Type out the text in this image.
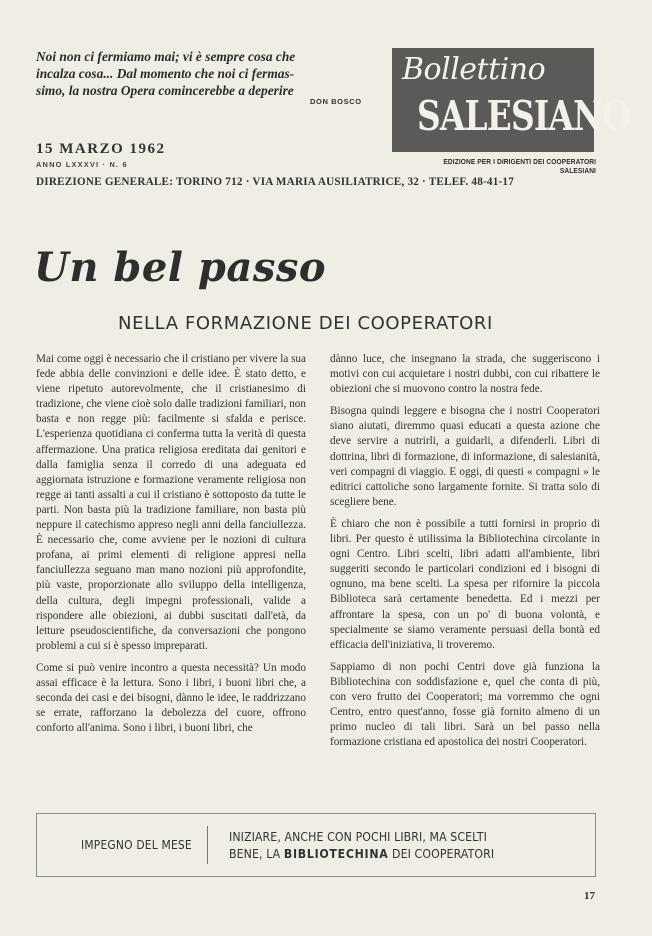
Noi non ci fermiamo mai; vi è sempre cosa che
incalza cosa... Dal momento che noi ci fermas-
simo, la nostra Opera comincerebbe a deperire
DON BOSCO
Bollettino
SALESIANO
EDIZIONE PER I DIRIGENTI DEI COOPERATORI SALESIANI
15 MARZO 1962
ANNO LXXXVI · N. 6
DIREZIONE GENERALE: TORINO 712 · VIA MARIA AUSILIATRICE, 32 · TELEF. 48-41-17
Un bel passo
NELLA FORMAZIONE DEI COOPERATORI

Mai come oggi è necessario che il cristiano per vivere la sua fede abbia delle convinzioni e delle idee. È stato detto, e viene ripetuto autorevolmente, che il cristianesimo di tradizione, che viene cioè solo dalle tradizioni familiari, non basta e non regge più: facilmente si sfalda e perisce. L'esperienza quotidiana ci conferma tutta la verità di questa affermazione. Una pratica religiosa ereditata dai genitori e dalla famiglia senza il corredo di una adeguata ed aggiornata istruzione e formazione veramente religiosa non regge ai tanti assalti a cui il cristiano è sottoposto da tutte le parti. Non basta più la tradizione familiare, non basta più neppure il catechismo appreso negli anni della fanciullezza. È necessario che, come avviene per le nozioni di cultura profana, ai primi elementi di religione appresi nella fanciullezza seguano man mano nozioni più approfondite, più vaste, proporzionate allo sviluppo della intelligenza, della cultura, degli impegni professionali, valide a rispondere alle obiezioni, ai dubbi suscitati dall'età, da letture pseudoscientifiche, da conversazioni che pongono problemi a cui si è spesso impreparati.

Come si può venire incontro a questa necessità? Un modo assai efficace è la lettura. Sono i libri, i buoni libri che, a seconda dei casi e dei bisogni, dànno le idee, le raddrizzano se errate, rafforzano la debolezza del cuore, offrono conforto all'anima. Sono i libri, i buoni libri, che

dànno luce, che insegnano la strada, che suggeriscono i motivi con cui acquietare i nostri dubbi, con cui ribattere le obiezioni che si muovono contro la nostra fede.

Bisogna quindi leggere e bisogna che i nostri Cooperatori siano aiutati, diremmo quasi educati a questa azione che deve servire a nutrirli, a guidarli, a difenderli. Libri di dottrina, libri di formazione, di informazione, di salesianità, veri compagni di viaggio. E oggi, di questi « compagni » le editrici cattoliche sono largamente fornite. Si tratta solo di scegliere bene.

È chiaro che non è possibile a tutti fornirsi in proprio di libri. Per questo è utilissima la Bibliotechina circolante in ogni Centro. Libri scelti, libri adatti all'ambiente, libri suggeriti secondo le particolari condizioni ed i bisogni di ognuno, ma bene scelti. La spesa per rifornire la piccola Biblioteca sarà certamente benedetta. Ed i mezzi per affrontare la spesa, con un po' di buona volontà, e specialmente se siamo veramente persuasi della bontà ed efficacia dell'iniziativa, li troveremo.

Sappiamo di non pochi Centri dove già funziona la Bibliotechina con soddisfazione e, quel che conta di più, con vero frutto dei Cooperatori; ma vorremmo che ogni Centro, entro quest'anno, fosse già fornito almeno di un primo nucleo di tali libri. Sarà un bel passo nella formazione cristiana ed apostolica dei nostri Cooperatori.

IMPEGNO DEL MESE
INIZIARE, ANCHE CON POCHI LIBRI, MA SCELTI
BENE, LA BIBLIOTECHINA DEI COOPERATORI
17
